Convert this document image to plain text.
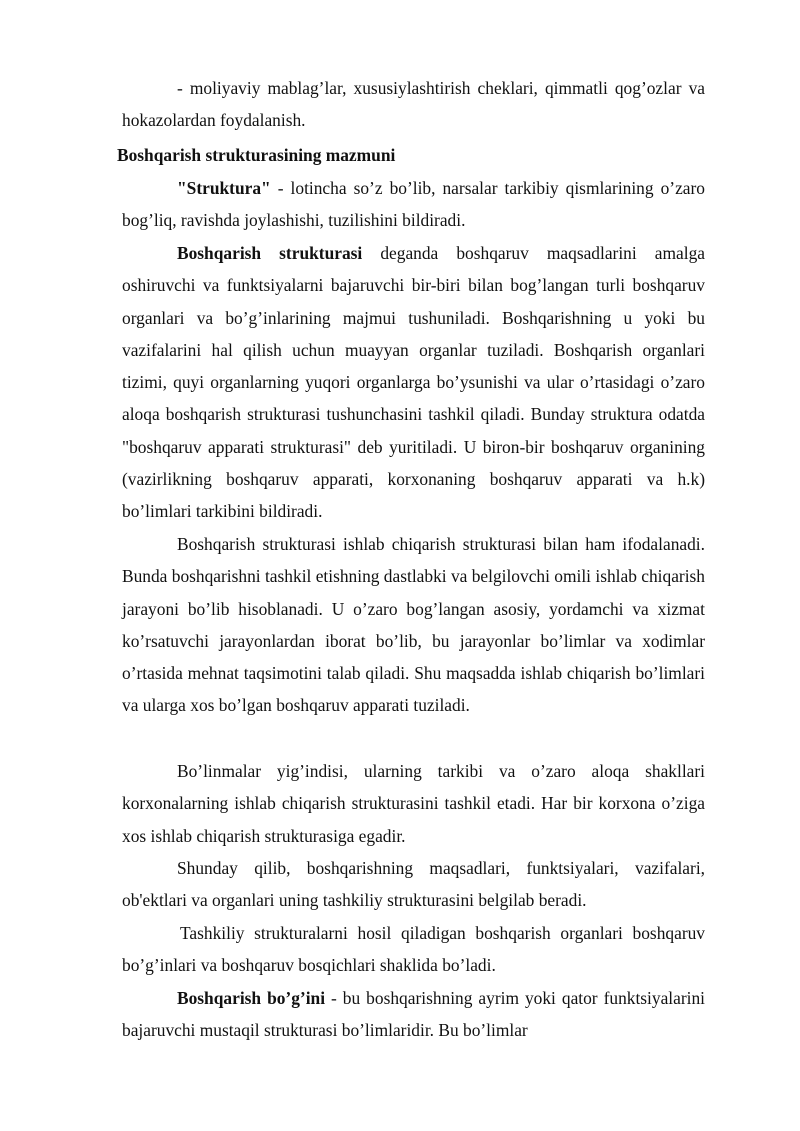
- moliyaviy mablag’lar, xususiylashtirish cheklari, qimmatli qog’ozlar va hokazolardan foydalanish.

Boshqarish strukturasining mazmuni

"Struktura" - lotincha so’z bo’lib, narsalar tarkibiy qismlarining o’zaro bog’liq, ravishda joylashishi, tuzilishini bildiradi.

Boshqarish strukturasi deganda boshqaruv maqsadlarini amalga oshiruvchi va funktsiyalarni bajaruvchi bir-biri bilan bog’langan turli boshqaruv organlari va bo’g’inlarining majmui tushuniladi. Boshqarishning u yoki bu vazifalarini hal qilish uchun muayyan organlar tuziladi. Boshqarish organlari tizimi, quyi organlarning yuqori organlarga bo’ysunishi va ular o’rtasidagi o’zaro aloqa boshqarish strukturasi tushunchasini tashkil qiladi. Bunday struktura odatda "boshqaruv apparati strukturasi" deb yuritiladi. U biron-bir boshqaruv organining (vazirlikning boshqaruv apparati, korxonaning boshqaruv apparati va h.k) bo’limlari tarkibini bildiradi.

Boshqarish strukturasi ishlab chiqarish strukturasi bilan ham ifodalanadi. Bunda boshqarishni tashkil etishning dastlabki va belgilovchi omili ishlab chiqarish jarayoni bo’lib hisoblanadi. U o’zaro bog’langan asosiy, yordamchi va xizmat ko’rsatuvchi jarayonlardan iborat bo’lib, bu jarayonlar bo’limlar va xodimlar o’rtasida mehnat taqsimotini talab qiladi. Shu maqsadda ishlab chiqarish bo’limlari va ularga xos bo’lgan boshqaruv apparati tuziladi.

Bo’linmalar yig’indisi, ularning tarkibi va o’zaro aloqa shakllari korxonalarning ishlab chiqarish strukturasini tashkil etadi. Har bir korxona o’ziga xos ishlab chiqarish strukturasiga egadir.

Shunday qilib, boshqarishning maqsadlari, funktsiyalari, vazifalari, ob'ektlari va organlari uning tashkiliy strukturasini belgilab beradi.

Tashkiliy strukturalarni hosil qiladigan boshqarish organlari boshqaruv bo’g’inlari va boshqaruv bosqichlari shaklida bo’ladi.

Boshqarish bo’g’ini - bu boshqarishning ayrim yoki qator funktsiyalarini bajaruvchi mustaqil strukturasi bo’limlaridir. Bu bo’limlar
